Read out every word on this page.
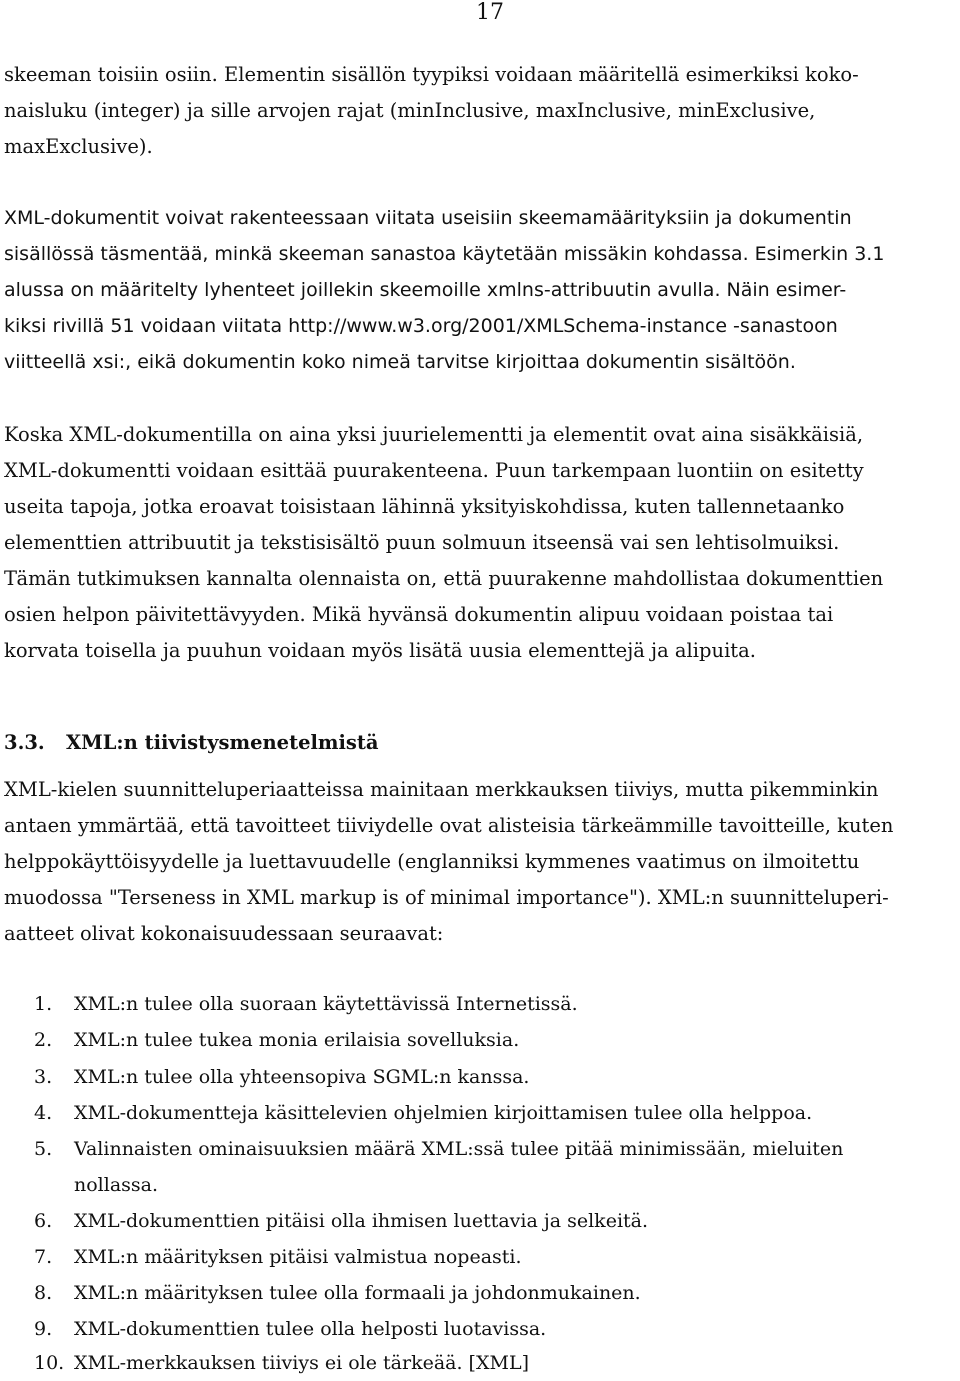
17
skeeman toisiin osiin. Elementin sisällön tyypiksi voidaan määritellä esimerkiksi koko-
naisluku (integer) ja sille arvojen rajat (minInclusive, maxInclusive, minExclusive,
maxExclusive).
XML-dokumentit voivat rakenteessaan viitata useisiin skeemamäärityksiin ja dokumentin
sisällössä täsmentää, minkä skeeman sanastoa käytetään missäkin kohdassa. Esimerkin 3.1
alussa on määritelty lyhenteet joillekin skeemoille xmlns-attribuutin avulla. Näin esimer-
kiksi rivillä 51 voidaan viitata http://www.w3.org/2001/XMLSchema-instance -sanastoon
viitteellä xsi:, eikä dokumentin koko nimeä tarvitse kirjoittaa dokumentin sisältöön.
Koska XML-dokumentilla on aina yksi juurielementti ja elementit ovat aina sisäkkäisiä,
XML-dokumentti voidaan esittää puurakenteena. Puun tarkempaan luontiin on esitetty
useita tapoja, jotka eroavat toisistaan lähinnä yksityiskohdissa, kuten tallennetaanko
elementtien attribuutit ja tekstisisältö puun solmuun itseensä vai sen lehtisolmuiksi.
Tämän tutkimuksen kannalta olennaista on, että puurakenne mahdollistaa dokumenttien
osien helpon päivitettävyyden. Mikä hyvänsä dokumentin alipuu voidaan poistaa tai
korvata toisella ja puuhun voidaan myös lisätä uusia elementtejä ja alipuita.
3.3. XML:n tiivistysmenetelmistä
XML-kielen suunnitteluperiaatteissa mainitaan merkkauksen tiiviys, mutta pikemminkin
antaen ymmärtää, että tavoitteet tiiviydelle ovat alisteisia tärkeämmille tavoitteille, kuten
helppokäyttöisyydelle ja luettavuudelle (englanniksi kymmenes vaatimus on ilmoitettu
muodossa "Terseness in XML markup is of minimal importance"). XML:n suunnitteluperi-
aatteet olivat kokonaisuudessaan seuraavat:
1. XML:n tulee olla suoraan käytettävissä Internetissä.
2. XML:n tulee tukea monia erilaisia sovelluksia.
3. XML:n tulee olla yhteensopiva SGML:n kanssa.
4. XML-dokumentteja käsittelevien ohjelmien kirjoittamisen tulee olla helppoa.
5. Valinnaisten ominaisuuksien määrä XML:ssä tulee pitää minimissään, mieluiten
nollassa.
6. XML-dokumenttien pitäisi olla ihmisen luettavia ja selkeitä.
7. XML:n määrityksen pitäisi valmistua nopeasti.
8. XML:n määrityksen tulee olla formaali ja johdonmukainen.
9. XML-dokumenttien tulee olla helposti luotavissa.
10. XML-merkkauksen tiiviys ei ole tärkeää. [XML]
